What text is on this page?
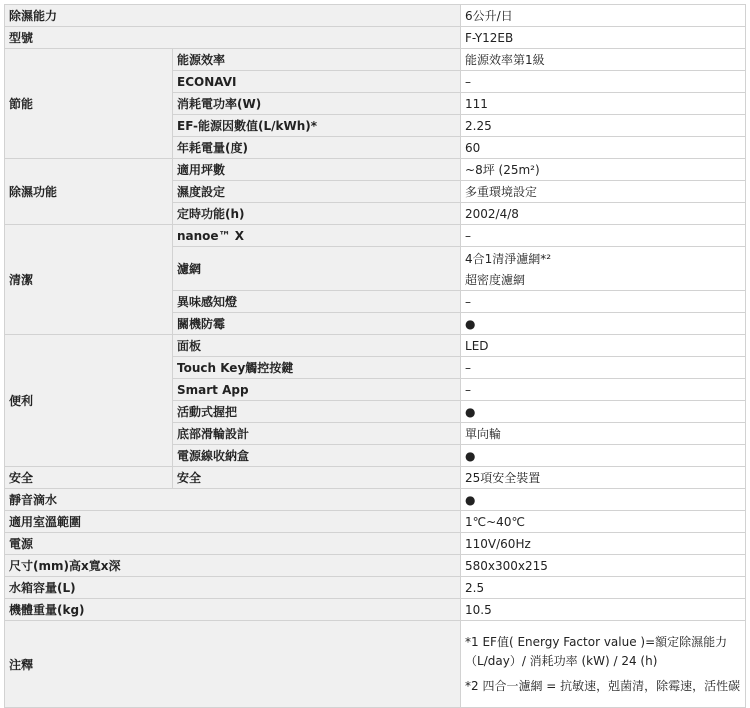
除濕能力		6公升/日
型號		F-Y12EB
節能	能源效率	能源效率第1級
	ECONAVI	–
	消耗電功率(W)	111
	EF-能源因數值(L/kWh)*	2.25
	年耗電量(度)	60
除濕功能	適用坪數	~8坪 (25m²)
	濕度設定	多重環境設定
	定時功能(h)	2002/4/8
清潔	nanoe™ X	–
	濾網	4合1清淨濾網*²
超密度濾網

	異味感知燈	–
	關機防霉	●
便利	面板	LED
	Touch Key觸控按鍵	–
	Smart App	–
	活動式握把	●
	底部滑輪設計	單向輪
	電源線收納盒	●
安全	安全	25項安全裝置
靜音滴水		●
適用室溫範圍		1℃~40℃
電源		110V/60Hz
尺寸(mm)高x寬x深		580x300x215
水箱容量(L)		2.5
機體重量(kg)		10.5
注釋		*1 EF值( Energy Factor value )=額定除濕能力（L/day）/ 消耗功率 (kW) / 24 (h)
*2 四合一濾網 = 抗敏速，剋菌清，除霉速，活性碳
